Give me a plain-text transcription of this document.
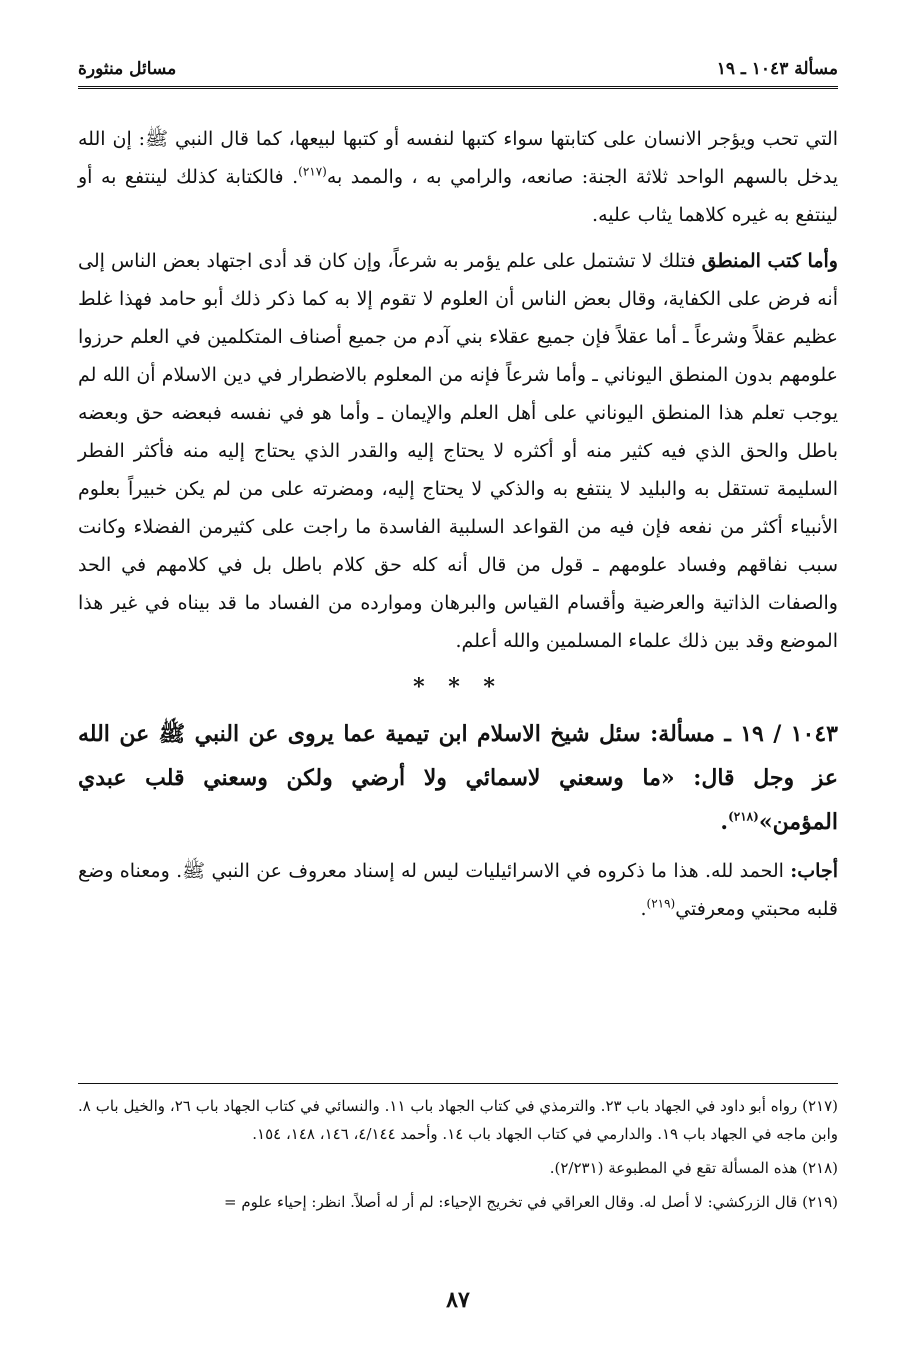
مسألة ١٠٤٣ ـ ١٩
مسائل منثورة

التي تحب ويؤجر الانسان على كتابتها سواء كتبها لنفسه أو كتبها لبيعها، كما قال النبي ﷺ: إن الله يدخل بالسهم الواحد ثلاثة الجنة: صانعه، والرامي به ، والممد به$^{(٢١٧)}$. فالكتابة كذلك لينتفع به أو لينتفع به غيره كلاهما يثاب عليه.

وأما كتب المنطق فتلك لا تشتمل على علم يؤمر به شرعاً، وإن كان قد أدى اجتهاد بعض الناس إلى أنه فرض على الكفاية، وقال بعض الناس أن العلوم لا تقوم إلا به كما ذكر ذلك أبو حامد فهذا غلط عظيم عقلاً وشرعاً ـ أما عقلاً فإن جميع عقلاء بني آدم من جميع أصناف المتكلمين في العلم حرزوا علومهم بدون المنطق اليوناني ـ وأما شرعاً فإنه من المعلوم بالاضطرار في دين الاسلام أن الله لم يوجب تعلم هذا المنطق اليوناني على أهل العلم والإيمان ـ وأما هو في نفسه فبعضه حق وبعضه باطل والحق الذي فيه كثير منه أو أكثره لا يحتاج إليه والقدر الذي يحتاج إليه منه فأكثر الفطر السليمة تستقل به والبليد لا ينتفع به والذكي لا يحتاج إليه، ومضرته على من لم يكن خبيراً بعلوم الأنبياء أكثر من نفعه فإن فيه من القواعد السلبية الفاسدة ما راجت على كثيرمن الفضلاء وكانت سبب نفاقهم وفساد علومهم ـ قول من قال أنه كله حق كلام باطل بل في كلامهم في الحد والصفات الذاتية والعرضية وأقسام القياس والبرهان وموارده من الفساد ما قد بيناه في غير هذا الموضع وقد بين ذلك علماء المسلمين والله أعلم.

* * *

١٠٤٣ / ١٩ ـ مسألة: سئل شيخ الاسلام ابن تيمية عما يروى عن النبي ﷺ عن الله عز وجل قال: «ما وسعني لاسمائي ولا أرضي ولكن وسعني قلب عبدي المؤمن»$^{(٢١٨)}$.

أجاب: الحمد لله. هذا ما ذكروه في الاسرائيليات ليس له إسناد معروف عن النبي ﷺ. ومعناه وضع قلبه محبتي ومعرفتي$^{(٢١٩)}$.

(٢١٧) رواه أبو داود في الجهاد باب ٢٣. والترمذي في كتاب الجهاد باب ١١. والنسائي في كتاب الجهاد باب ٢٦، والخيل باب ٨. وابن ماجه في الجهاد باب ١٩. والدارمي في كتاب الجهاد باب ١٤. وأحمد ٤/١٤٤، ١٤٦، ١٤٨، ١٥٤.

(٢١٨) هذه المسألة تقع في المطبوعة (٢/٢٣١).

(٢١٩) قال الزركشي: لا أصل له. وقال العراقي في تخريج الإحياء: لم أر له أصلاً. انظر: إحياء علوم =

٨٧
